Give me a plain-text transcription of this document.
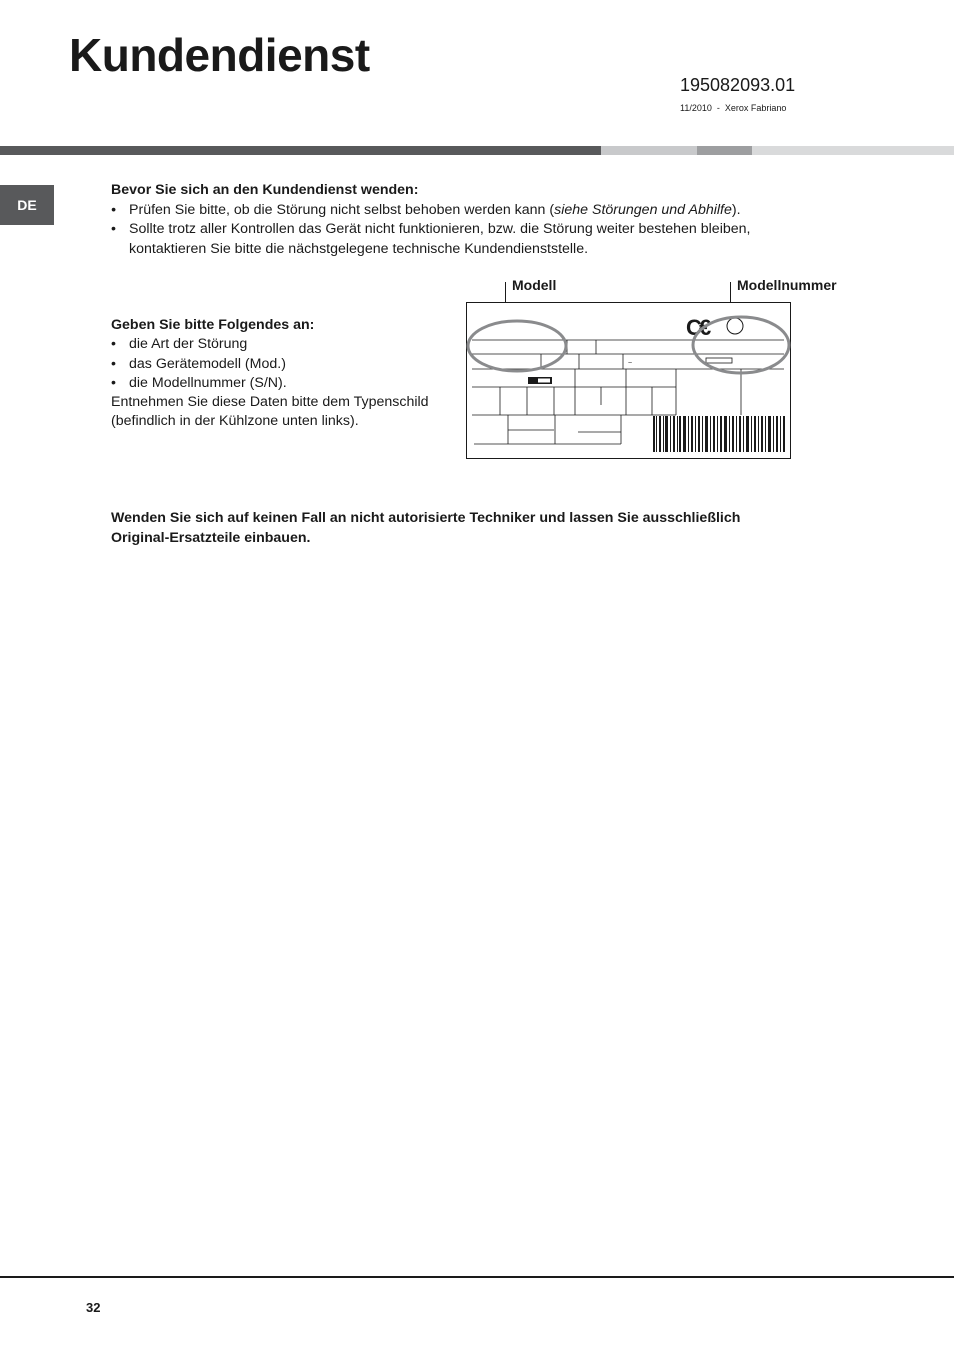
Kundendienst
195082093.01
11/2010  -  Xerox Fabriano
DE
Bevor Sie sich an den Kundendienst wenden:
• Prüfen Sie bitte, ob die Störung nicht selbst behoben werden kann (siehe Störungen und Abhilfe).
• Sollte trotz aller Kontrollen das Gerät nicht funktionieren, bzw. die Störung weiter bestehen bleiben,
kontaktieren Sie bitte die nächstgelegene technische Kundendienststelle.
Geben Sie bitte Folgendes an:
• die Art der Störung
• das Gerätemodell (Mod.)
• die Modellnummer (S/N).
Entnehmen Sie diese Daten bitte dem Typenschild
(befindlich in der Kühlzone unten links).
Modell	Modellnummer
C
€
~
Wenden Sie sich auf keinen Fall an nicht autorisierte Techniker und lassen Sie ausschließlich
Original-Ersatzteile einbauen.
32
